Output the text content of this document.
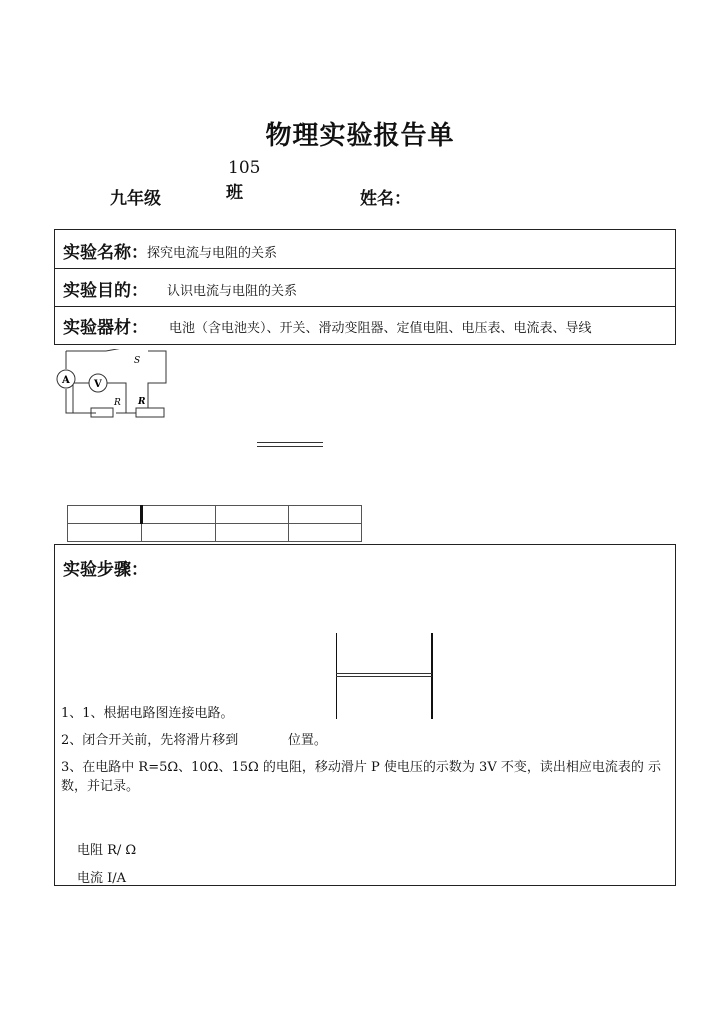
物理实验报告单
九年级
105
班	姓名：
实验名称： 探究电流与电阻的关系
实验目的： 认识电流与电阻的关系
实验器材： 电池（含电池夹）、开关、滑动变阻器、定值电阻、电压表、电流表、导线
A V
R R
S

实验步骤：
1、1、根据电路图连接电路。
2、闭合开关前，先将滑片移到            位置。
3、在电路中 R=5Ω、10Ω、15Ω 的电阻，移动滑片 P 使电压的示数为 3V 不变，读出相应电流表的 示数，并记录。
电阻 R/ Ω
电流 I/A
